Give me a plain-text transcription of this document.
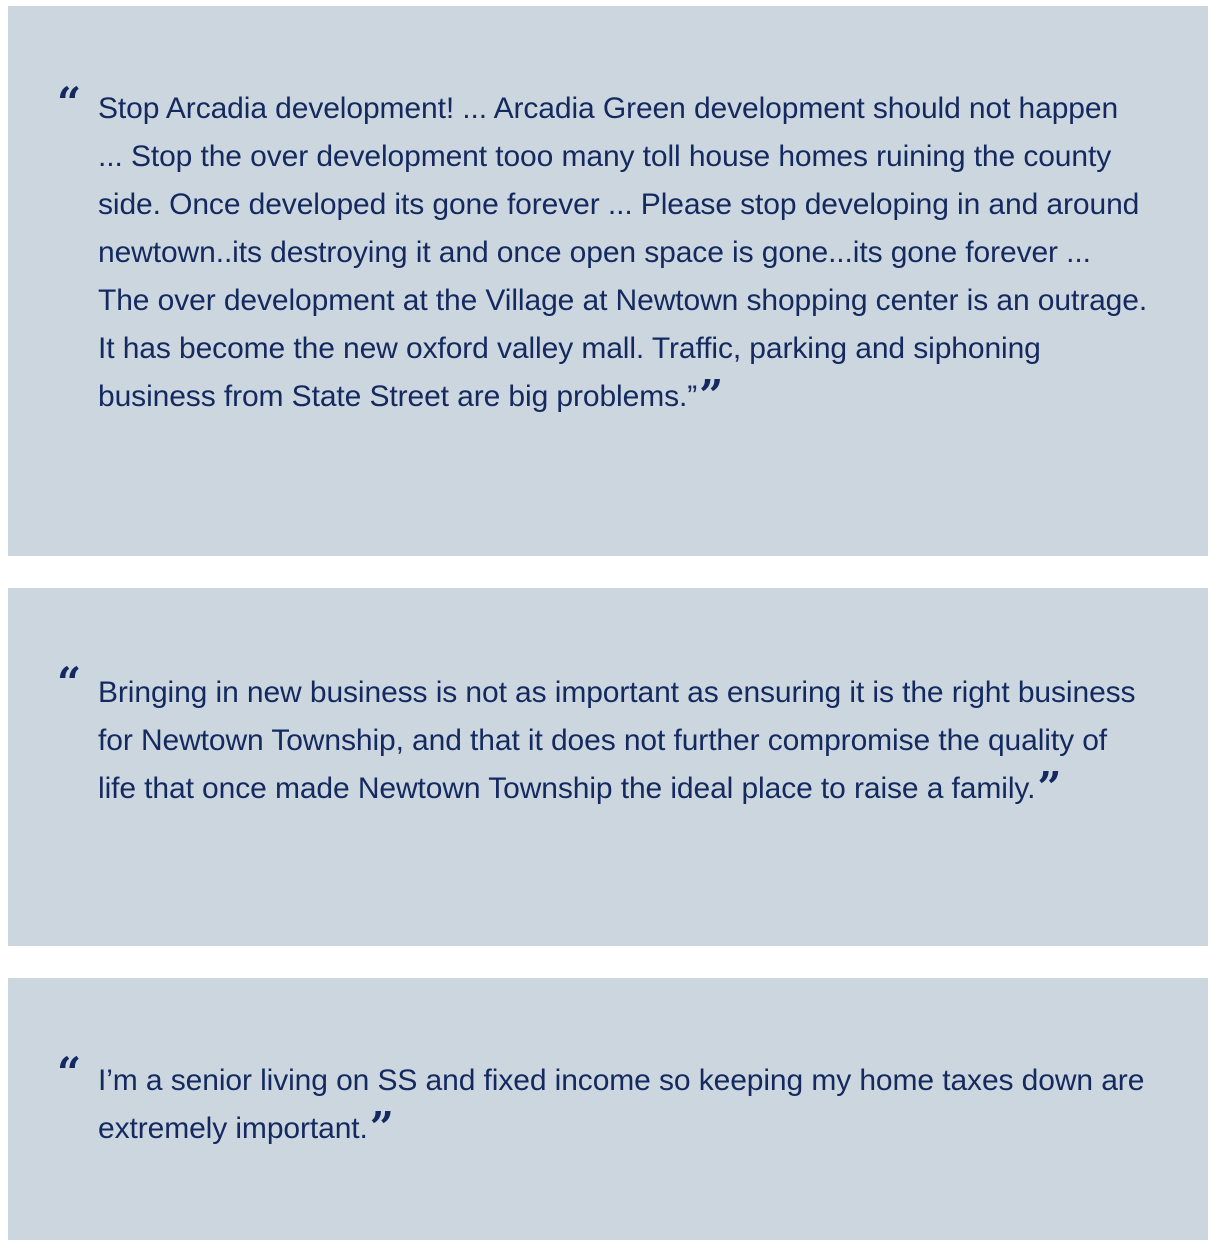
“ Stop Arcadia development! ... Arcadia Green development should not happen ... Stop the over development tooo many toll house homes ruining the county side. Once developed its gone forever ... Please stop developing in and around newtown..its destroying it and once open space is gone...its gone forever ... The over development at the Village at Newtown shopping center is an outrage. It has become the new oxford valley mall. Traffic, parking and siphoning business from State Street are big problems.””
“ Bringing in new business is not as important as ensuring it is the right business for Newtown Township, and that it does not further compromise the quality of life that once made Newtown Township the ideal place to raise a family.”
“ I’m a senior living on SS and fixed income so keeping my home taxes down are extremely important.”
